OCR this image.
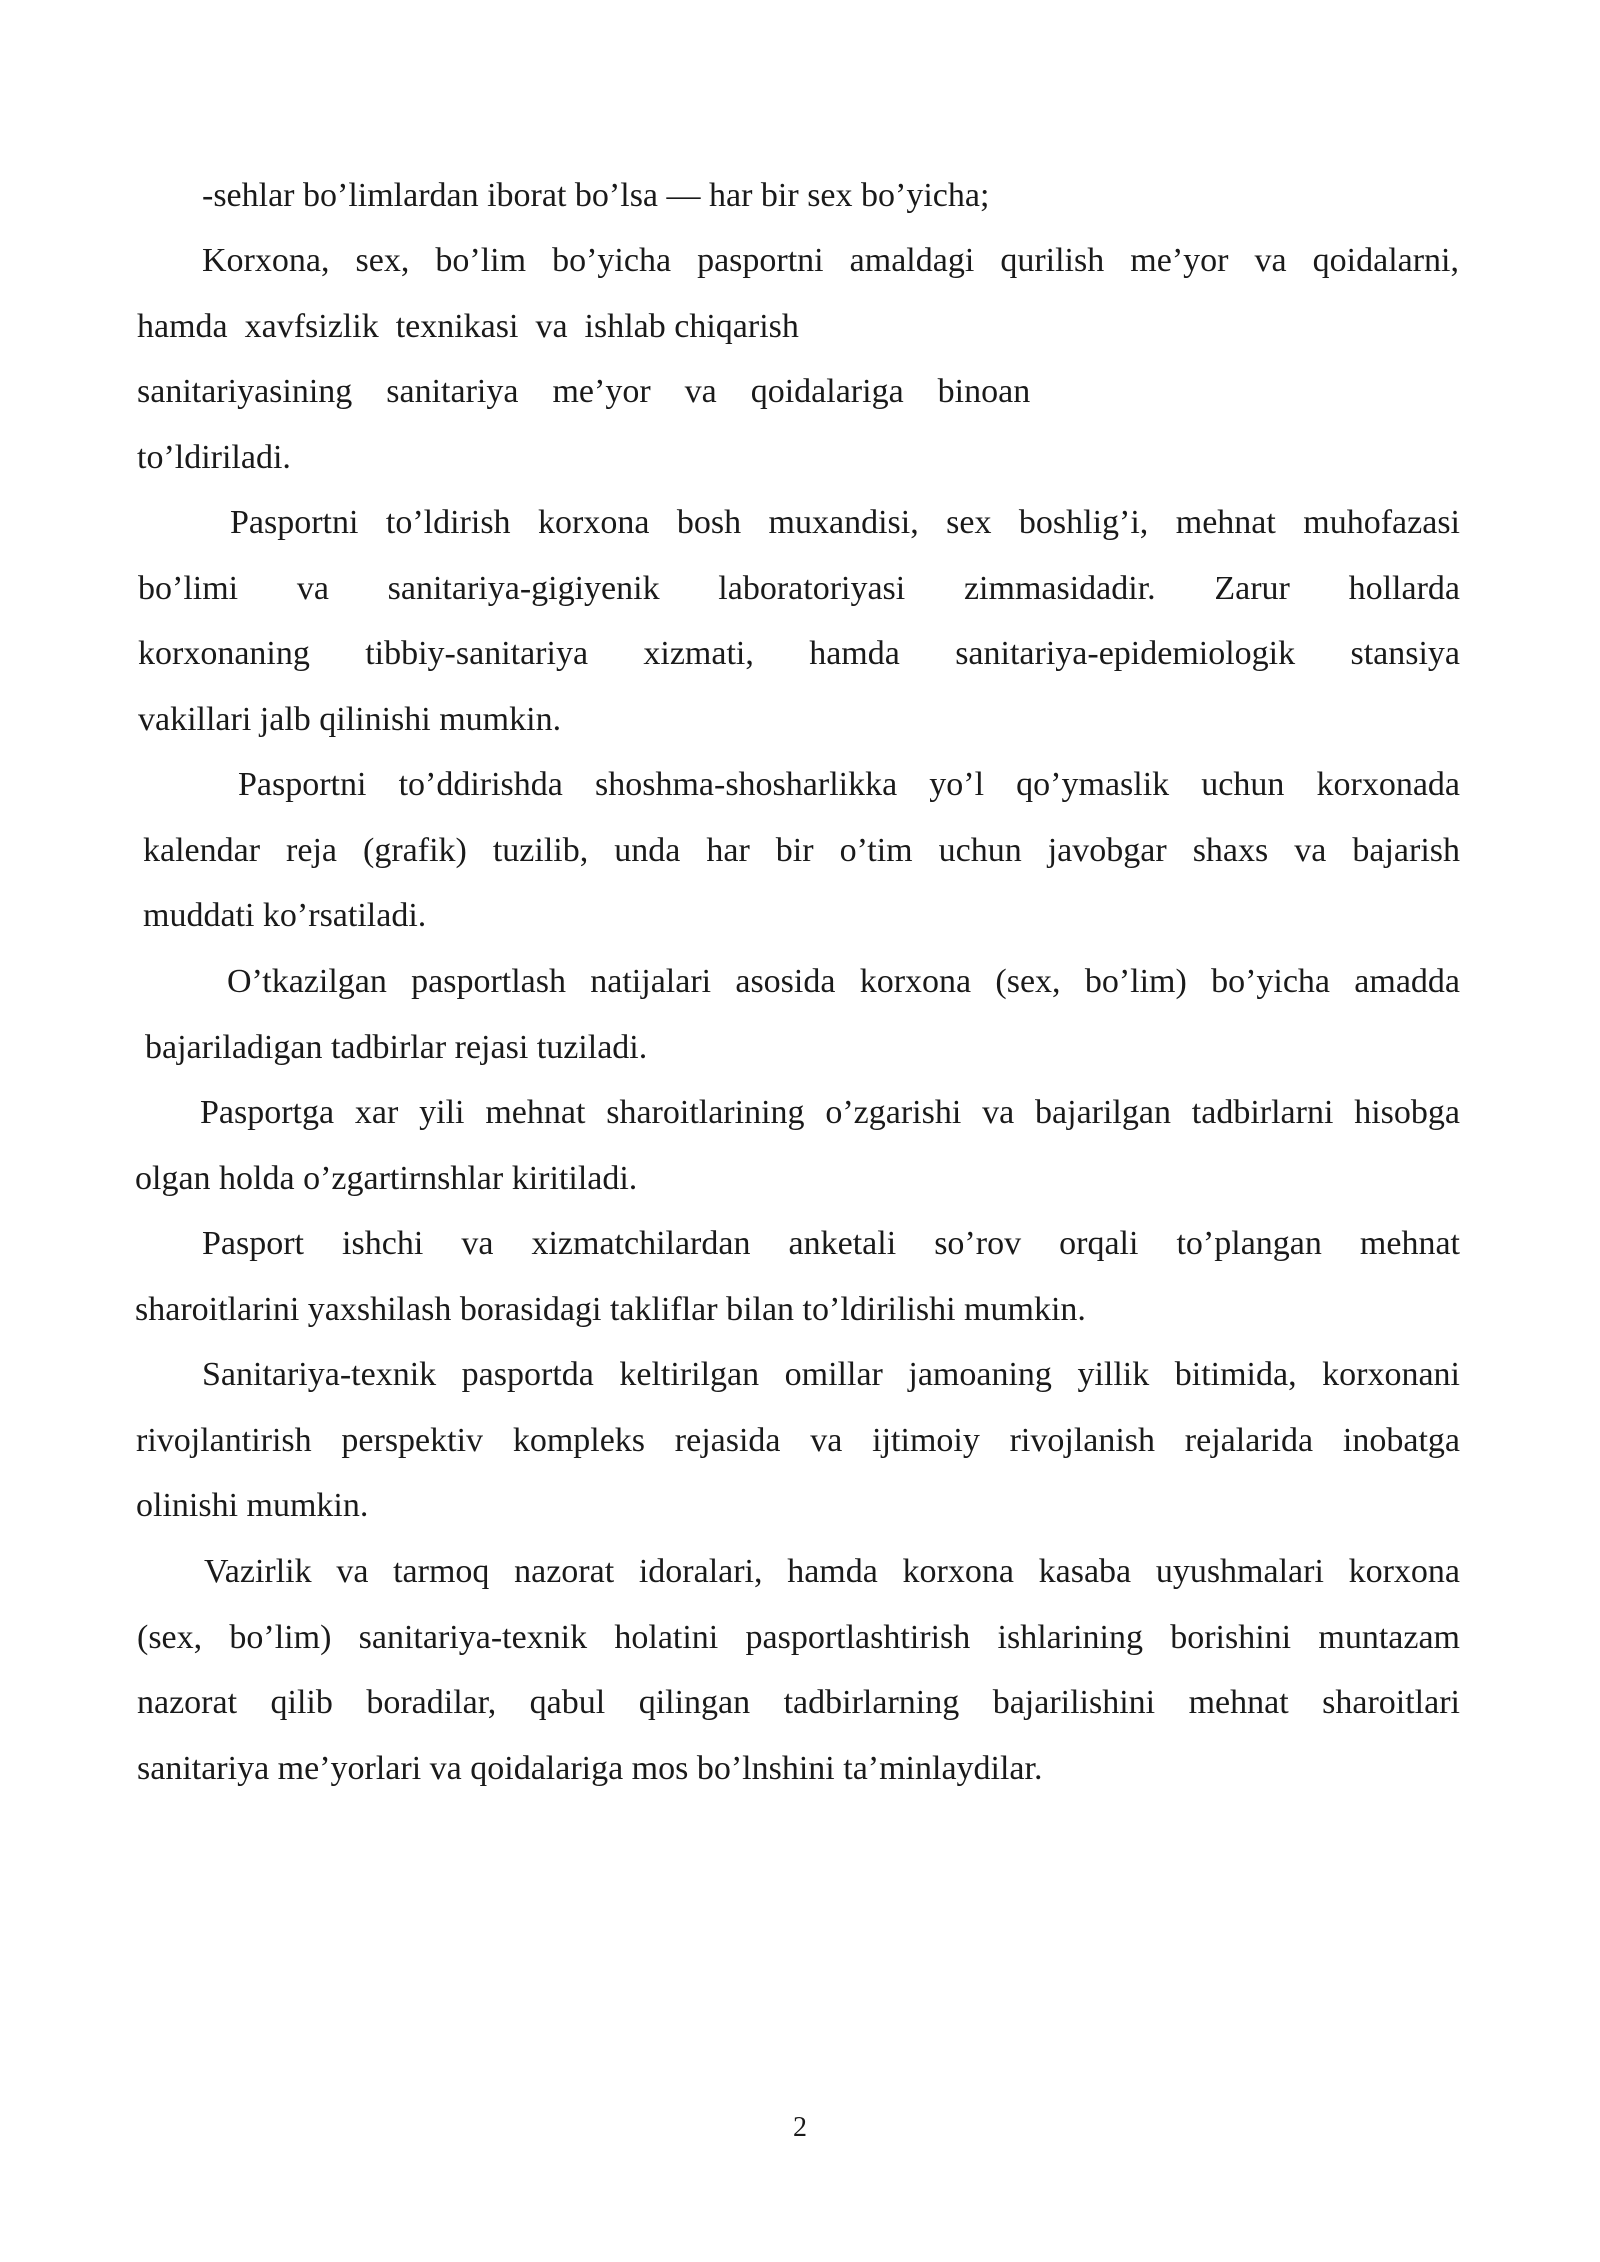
-sehlar bo’limlardan iborat bo’lsa — har bir sex bo’yicha;
Korxona, sex, bo’lim bo’yicha pasportni amaldagi qurilish me’yor va qoidalarni,
hamda  xavfsizlik  texnikasi  va  ishlab chiqarish
sanitariyasining    sanitariya    me’yor    va    qoidalariga    binoan
to’ldiriladi.
Pasportni to’ldirish korxona bosh muxandisi, sex boshlig’i, mehnat muhofazasi
bo’limi va sanitariya-gigiyenik laboratoriyasi zimmasidadir. Zarur hollarda
korxonaning tibbiy-sanitariya xizmati, hamda sanitariya-epidemiologik stansiya
vakillari jalb qilinishi mumkin.
Pasportni to’ddirishda shoshma-shosharlikka yo’l qo’ymaslik uchun korxonada
kalendar reja (grafik) tuzilib, unda har bir o’tim uchun javobgar shaxs va bajarish
muddati ko’rsatiladi.
O’tkazilgan pasportlash natijalari asosida korxona (sex, bo’lim) bo’yicha amadda
bajariladigan tadbirlar rejasi tuziladi.
Pasportga xar yili mehnat sharoitlarining o’zgarishi va bajarilgan tadbirlarni hisobga
olgan holda o’zgartirnshlar kiritiladi.
Pasport ishchi va xizmatchilardan anketali so’rov orqali to’plangan mehnat
sharoitlarini yaxshilash borasidagi takliflar bilan to’ldirilishi mumkin.
Sanitariya-texnik pasportda keltirilgan omillar jamoaning yillik bitimida, korxonani
rivojlantirish perspektiv kompleks rejasida va ijtimoiy rivojlanish rejalarida inobatga
olinishi mumkin.
Vazirlik va tarmoq nazorat idoralari, hamda korxona kasaba uyushmalari korxona
(sex, bo’lim) sanitariya-texnik holatini pasportlashtirish ishlarining borishini muntazam
nazorat qilib boradilar, qabul qilingan tadbirlarning bajarilishini mehnat sharoitlari
sanitariya me’yorlari va qoidalariga mos bo’lnshini ta’minlaydilar.
2
